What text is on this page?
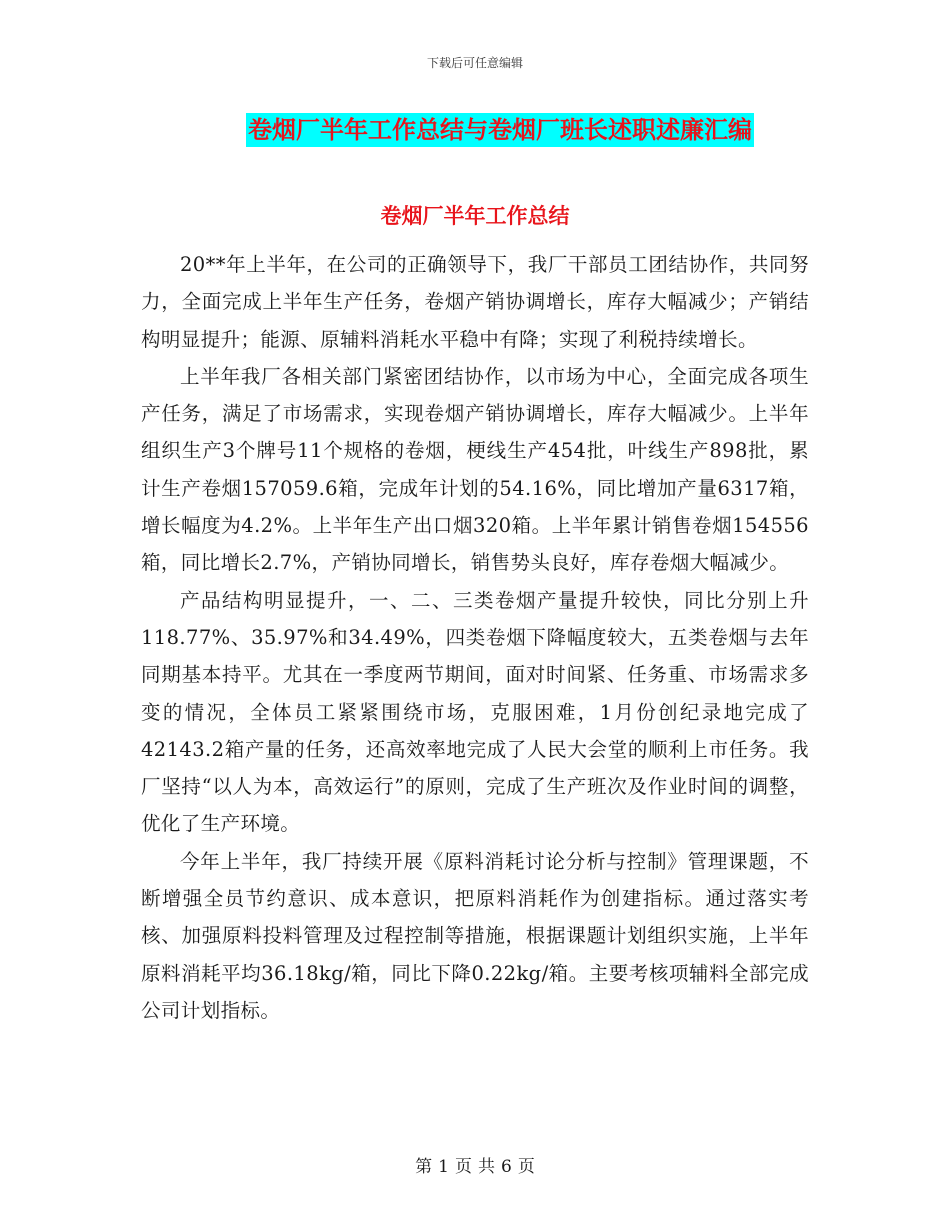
下载后可任意编辑
卷烟厂半年工作总结与卷烟厂班长述职述廉汇编
卷烟厂半年工作总结

20**年上半年，在公司的正确领导下，我厂干部员工团结协作，共同努力，全面完成上半年生产任务，卷烟产销协调增长，库存大幅减少；产销结构明显提升；能源、原辅料消耗水平稳中有降；实现了利税持续增长。

上半年我厂各相关部门紧密团结协作，以市场为中心，全面完成各项生产任务，满足了市场需求，实现卷烟产销协调增长，库存大幅减少。上半年组织生产3个牌号11个规格的卷烟，梗线生产454批，叶线生产898批，累计生产卷烟157059.6箱，完成年计划的54.16%，同比增加产量6317箱，增长幅度为4.2%。上半年生产出口烟320箱。上半年累计销售卷烟154556箱，同比增长2.7%，产销协同增长，销售势头良好，库存卷烟大幅减少。

产品结构明显提升，一、二、三类卷烟产量提升较快，同比分别上升118.77%、35.97%和34.49%，四类卷烟下降幅度较大，五类卷烟与去年同期基本持平。尤其在一季度两节期间，面对时间紧、任务重、市场需求多变的情况，全体员工紧紧围绕市场，克服困难，1月份创纪录地完成了42143.2箱产量的任务，还高效率地完成了人民大会堂的顺利上市任务。我厂坚持“以人为本，高效运行”的原则，完成了生产班次及作业时间的调整，优化了生产环境。

今年上半年，我厂持续开展《原料消耗讨论分析与控制》管理课题，不断增强全员节约意识、成本意识，把原料消耗作为创建指标。通过落实考核、加强原料投料管理及过程控制等措施，根据课题计划组织实施，上半年原料消耗平均36.18kg/箱，同比下降0.22kg/箱。主要考核项辅料全部完成公司计划指标。

第 1 页 共 6 页
